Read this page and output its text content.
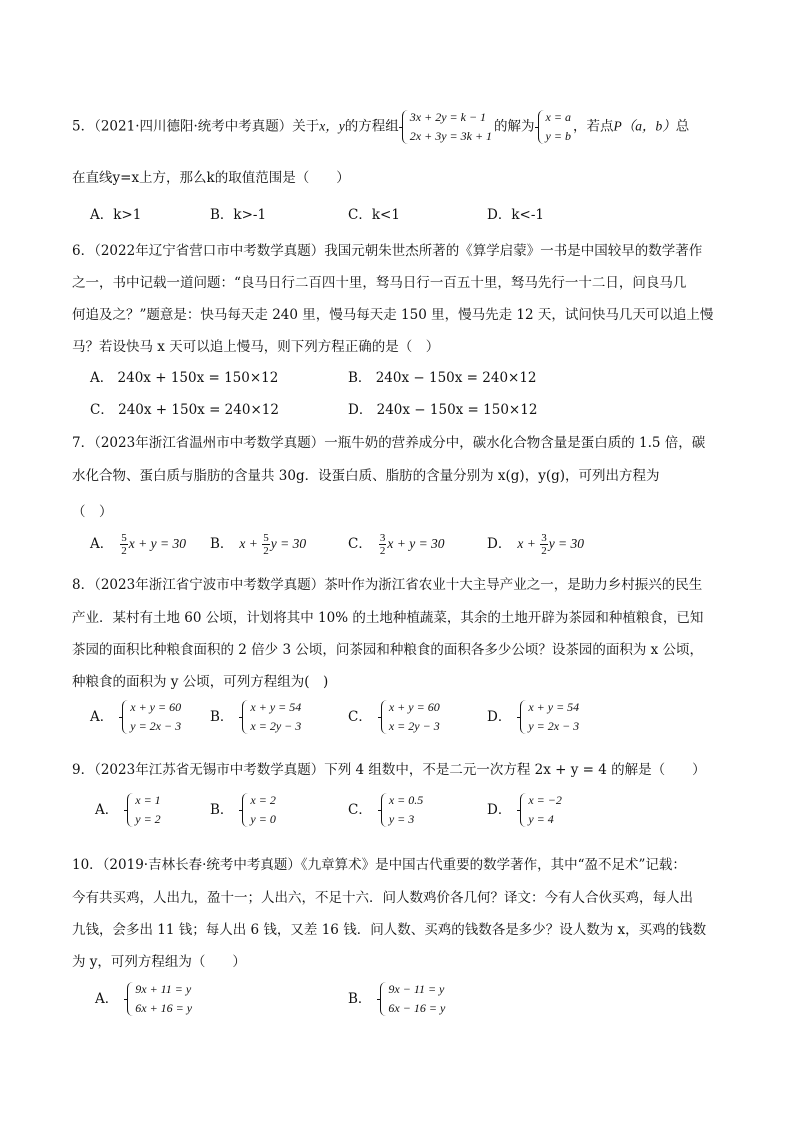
5．（2021·四川德阳·统考中考真题）关于x，y的方程组
3x + 2y = k − 1
2x + 3y = 3k + 1
的解为
x = a
y = b
，若点P（a，b）总
在直线y=x上方，那么k的取值范围是（　　）
A．k>1	B．k>-1	C．k<1	D．k<-1
6．（2022年辽宁省营口市中考数学真题）我国元朝朱世杰所著的《算学启蒙》一书是中国较早的数学著作
之一，书中记载一道问题：“良马日行二百四十里，驽马日行一百五十里，驽马先行一十二日，问良马几
何追及之？”题意是：快马每天走 240 里，慢马每天走 150 里，慢马先走 12 天，试问快马几天可以追上慢
马？若设快马 x 天可以追上慢马，则下列方程正确的是（　）
A． 240x + 150x = 150×12	B． 240x − 150x = 240×12
C． 240x + 150x = 240×12	D． 240x − 150x = 150×12
7．（2023年浙江省温州市中考数学真题）一瓶牛奶的营养成分中，碳水化合物含量是蛋白质的 1.5 倍，碳
水化合物、蛋白质与脂肪的含量共 30g．设蛋白质、脂肪的含量分别为 x(g)，y(g)，可列出方程为
（　）
A． $\frac{5}{2}$ x + y = 30 B． $x + \frac{5}{2}$ y = 30	C． $\frac{3}{2}$ x + y = 30	D． $x + \frac{3}{2}$ y = 30
8．（2023年浙江省宁波市中考数学真题）茶叶作为浙江省农业十大主导产业之一，是助力乡村振兴的民生
产业．某村有土地 60 公顷，计划将其中 10% 的土地种植蔬菜，其余的土地开辟为茶园和种植粮食，已知
茶园的面积比种粮食面积的 2 倍少 3 公顷，问茶园和种粮食的面积各多少公顷？设茶园的面积为 x 公顷，
种粮食的面积为 y 公顷，可列方程组为(　)
A．
x + y = 60
y = 2x − 3
B．
x + y = 54
x = 2y − 3
C．
x + y = 60
x = 2y − 3
D．
x + y = 54
y = 2x − 3
9．（2023年江苏省无锡市中考数学真题）下列 4 组数中，不是二元一次方程 2x + y = 4 的解是（　　）
A．
x = 1
y = 2
B．
x = 2
y = 0
C．
x = 0.5
y = 3
D．
x = −2
y = 4
10．（2019·吉林长春·统考中考真题）《九章算术》是中国古代重要的数学著作，其中“盈不足术”记载：
今有共买鸡，人出九，盈十一；人出六，不足十六．问人数鸡价各几何？译文：今有人合伙买鸡，每人出
九钱，会多出 11 钱；每人出 6 钱，又差 16 钱．问人数、买鸡的钱数各是多少？设人数为 x，买鸡的钱数
为 y，可列方程组为（　　）
A．
9x + 11 = y
6x + 16 = y
B．
9x − 11 = y
6x − 16 = y
